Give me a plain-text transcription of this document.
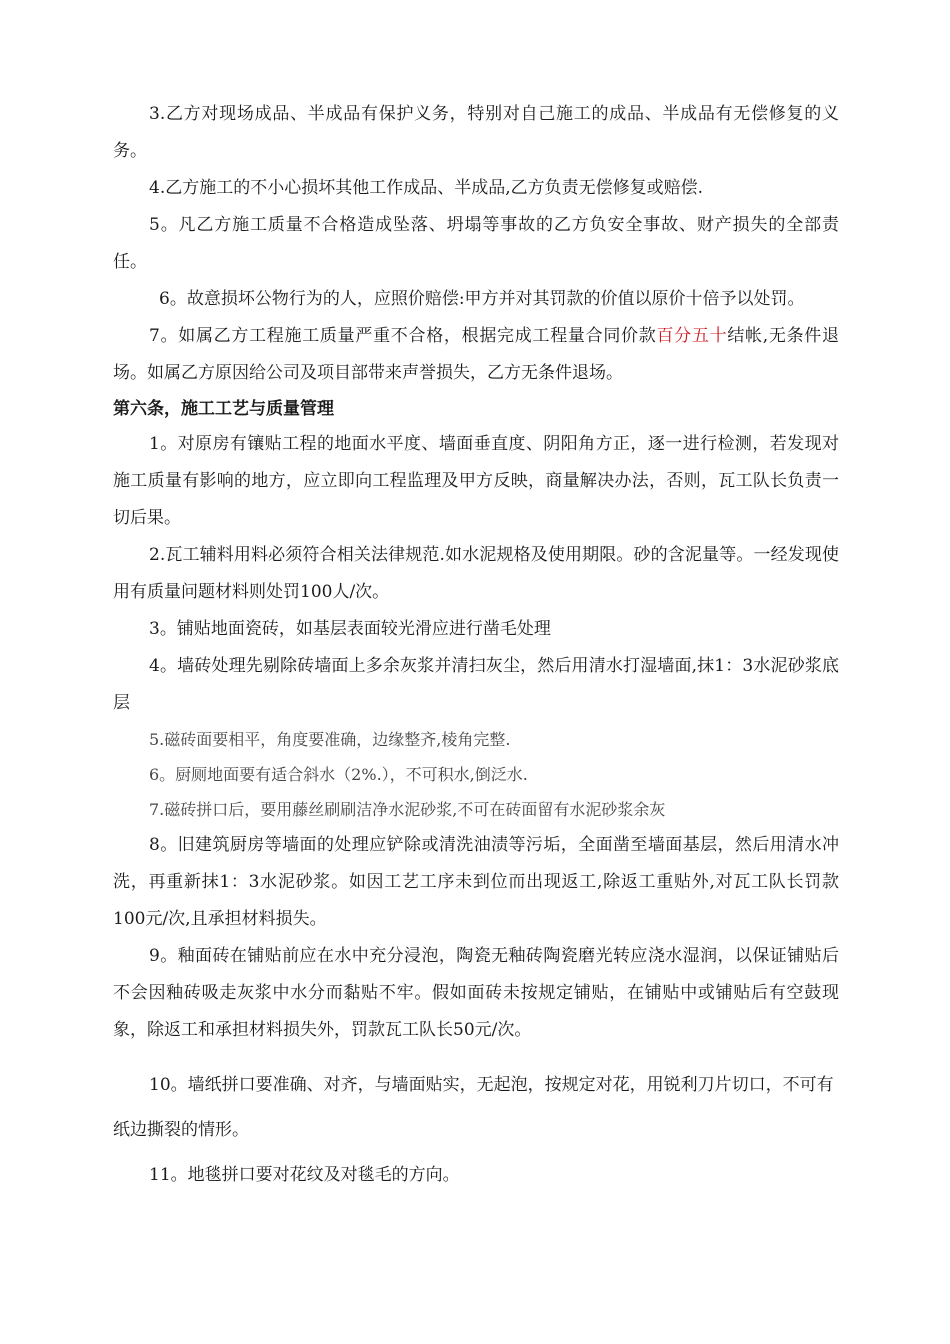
3.乙方对现场成品、半成品有保护义务，特别对自己施工的成品、半成品有无偿修复的义务。

4.乙方施工的不小心损坏其他工作成品、半成品,乙方负责无偿修复或赔偿.

5。凡乙方施工质量不合格造成坠落、坍塌等事故的乙方负安全事故、财产损失的全部责任。

6。故意损坏公物行为的人，应照价赔偿:甲方并对其罚款的价值以原价十倍予以处罚。

7。如属乙方工程施工质量严重不合格，根据完成工程量合同价款百分五十结帐,无条件退场。如属乙方原因给公司及项目部带来声誉损失，乙方无条件退场。

第六条，施工工艺与质量管理

1。对原房有镶贴工程的地面水平度、墙面垂直度、阴阳角方正，逐一进行检测，若发现对施工质量有影响的地方，应立即向工程监理及甲方反映，商量解决办法，否则，瓦工队长负责一切后果。

2.瓦工辅料用料必须符合相关法律规范.如水泥规格及使用期限。砂的含泥量等。一经发现使用有质量问题材料则处罚100人/次。

3。铺贴地面瓷砖，如基层表面较光滑应进行凿毛处理

4。墙砖处理先剔除砖墙面上多余灰浆并清扫灰尘，然后用清水打湿墙面,抹1：3水泥砂浆底层

5.磁砖面要相平，角度要准确，边缘整齐,棱角完整.

6。厨厕地面要有适合斜水（2%.），不可积水,倒泛水.

7.磁砖拼口后，要用藤丝刷刷洁净水泥砂浆,不可在砖面留有水泥砂浆余灰

8。旧建筑厨房等墙面的处理应铲除或清洗油渍等污垢，全面凿至墙面基层，然后用清水冲洗，再重新抹1：3水泥砂浆。如因工艺工序未到位而出现返工,除返工重贴外,对瓦工队长罚款100元/次,且承担材料损失。

9。釉面砖在铺贴前应在水中充分浸泡，陶瓷无釉砖陶瓷磨光转应浇水湿润，以保证铺贴后不会因釉砖吸走灰浆中水分而黏贴不牢。假如面砖未按规定铺贴，在铺贴中或铺贴后有空鼓现象，除返工和承担材料损失外，罚款瓦工队长50元/次。

10。墙纸拼口要准确、对齐，与墙面贴实，无起泡，按规定对花，用锐利刀片切口，不可有纸边撕裂的情形。

11。地毯拼口要对花纹及对毯毛的方向。
